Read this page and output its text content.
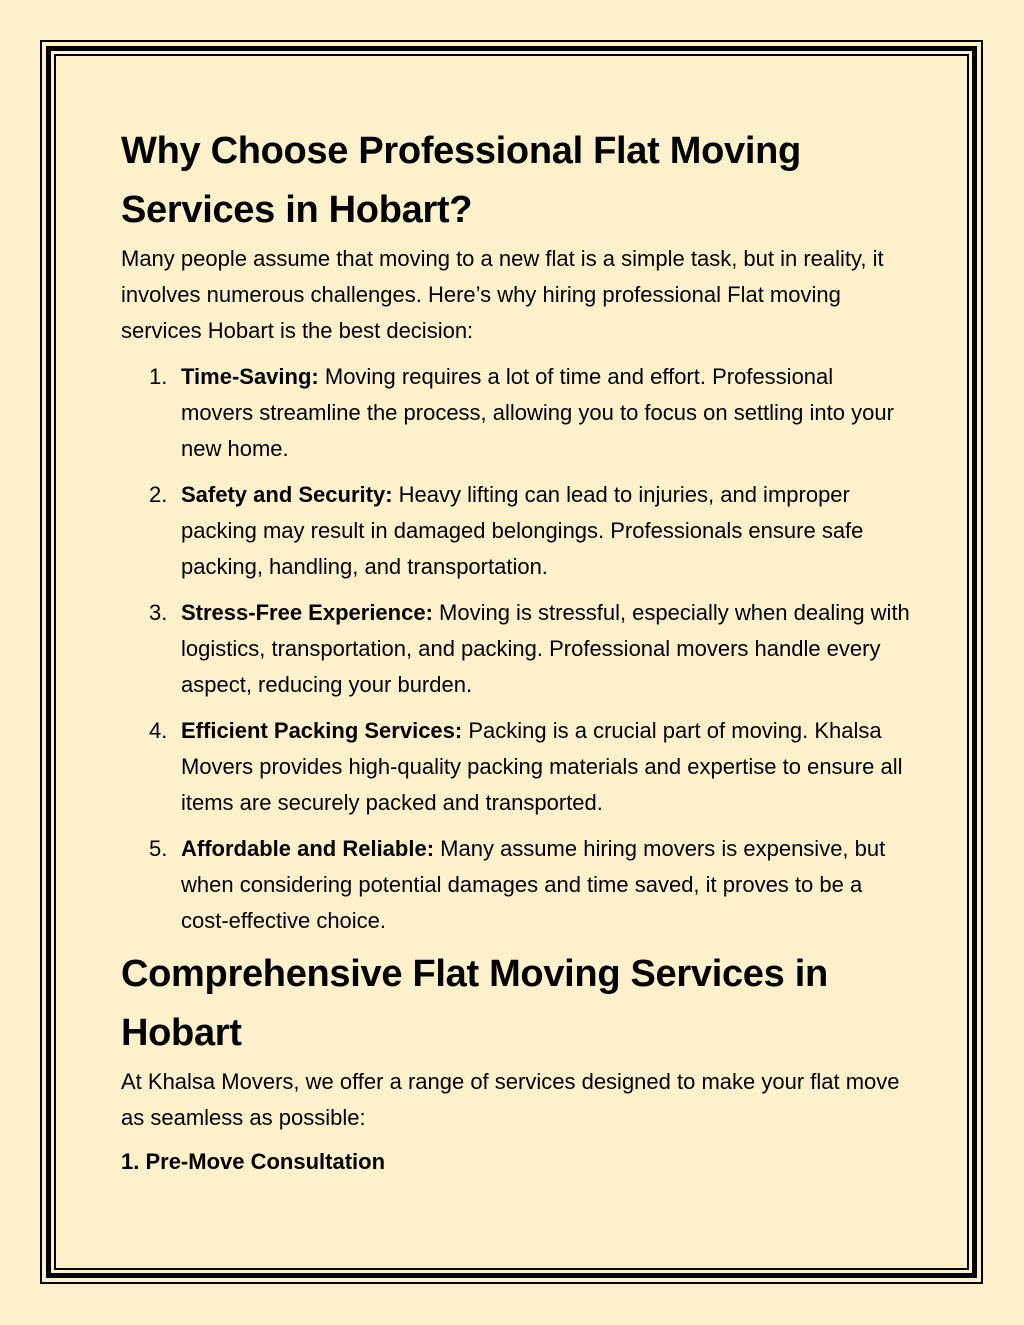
Why Choose Professional Flat Moving Services in Hobart?

Many people assume that moving to a new flat is a simple task, but in reality, it involves numerous challenges. Here’s why hiring professional Flat moving services Hobart is the best decision:

1. Time-Saving: Moving requires a lot of time and effort. Professional movers streamline the process, allowing you to focus on settling into your new home.
2. Safety and Security: Heavy lifting can lead to injuries, and improper packing may result in damaged belongings. Professionals ensure safe packing, handling, and transportation.
3. Stress-Free Experience: Moving is stressful, especially when dealing with logistics, transportation, and packing. Professional movers handle every aspect, reducing your burden.
4. Efficient Packing Services: Packing is a crucial part of moving. Khalsa Movers provides high-quality packing materials and expertise to ensure all items are securely packed and transported.
5. Affordable and Reliable: Many assume hiring movers is expensive, but when considering potential damages and time saved, it proves to be a cost-effective choice.
Comprehensive Flat Moving Services in Hobart

At Khalsa Movers, we offer a range of services designed to make your flat move as seamless as possible:

1. Pre-Move Consultation
